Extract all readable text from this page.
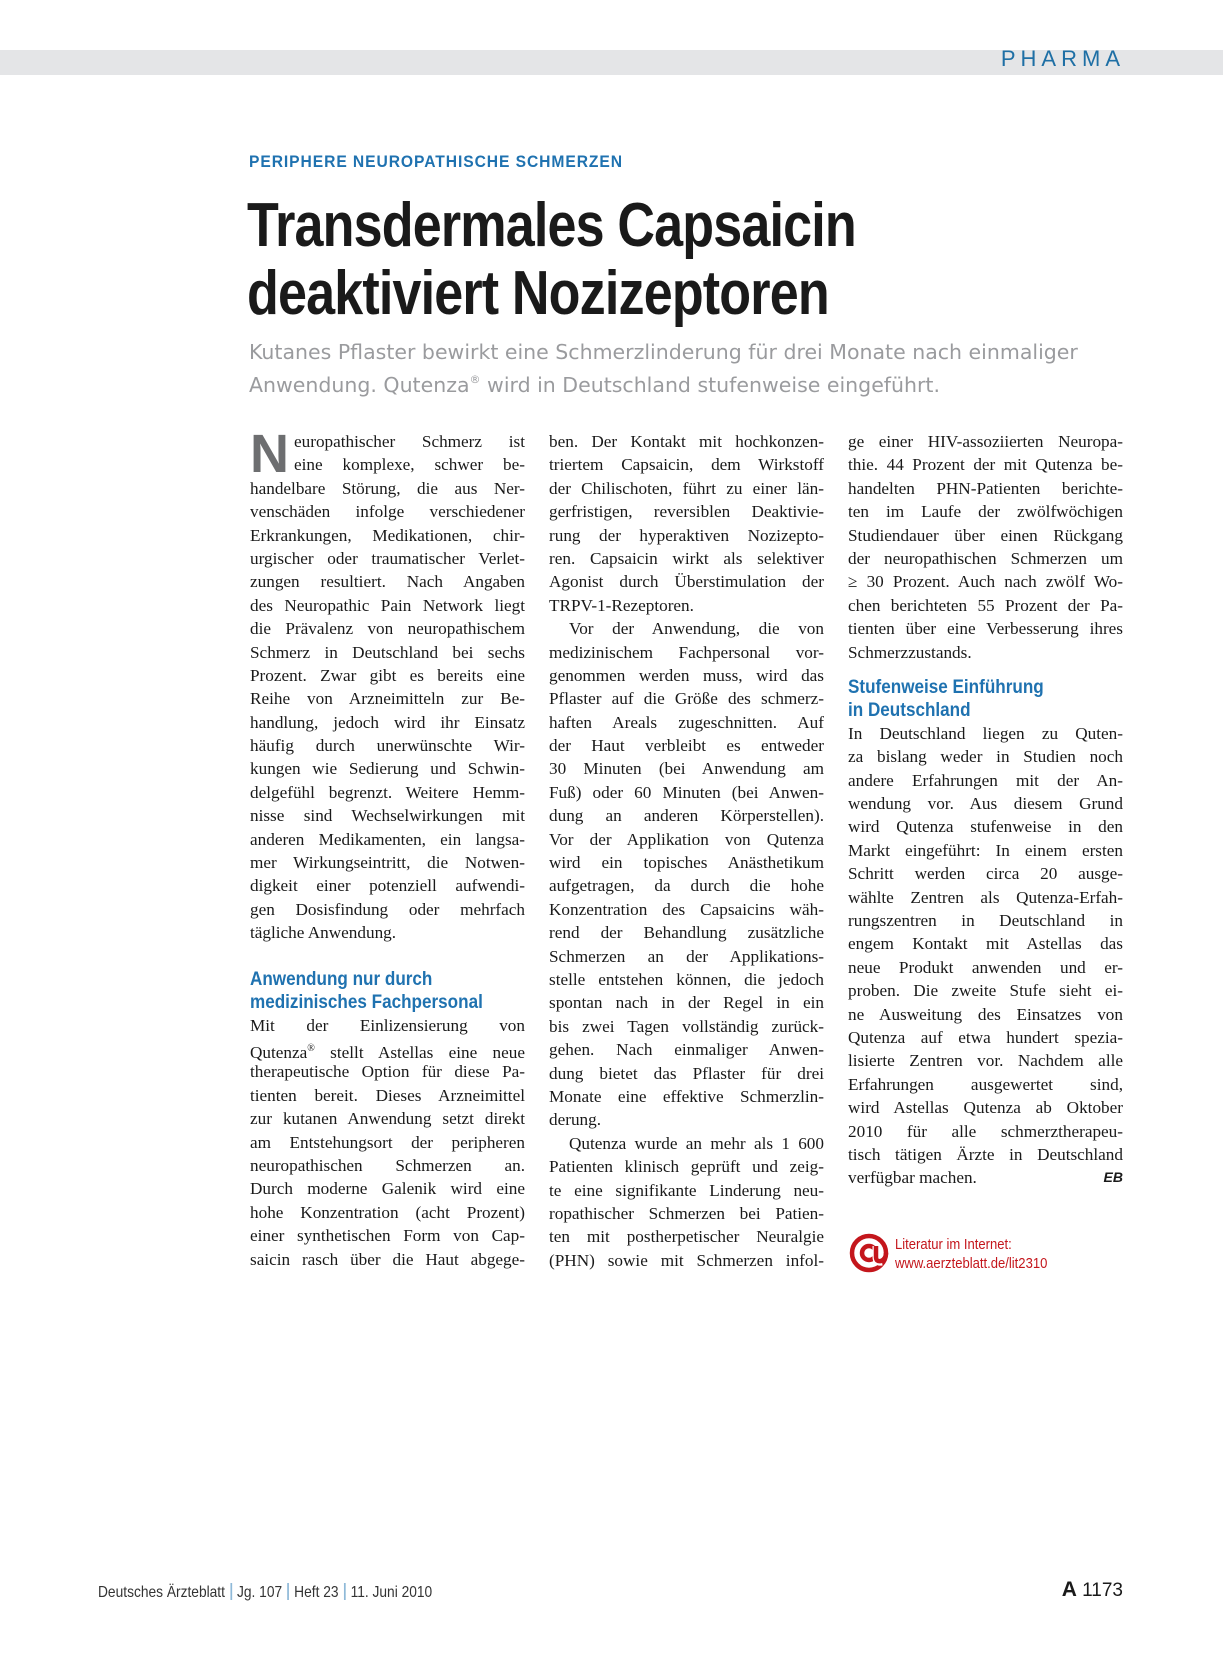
PHARMA
PERIPHERE NEUROPATHISCHE SCHMERZEN
Transdermales Capsaicin
deaktiviert Nozizeptoren
Kutanes Pflaster bewirkt eine Schmerzlinderung für drei Monate nach einmaliger
Anwendung. Qutenza® wird in Deutschland stufenweise eingeführt.
N europathischer Schmerz ist
eine komplexe, schwer be-
handelbare Störung, die aus Ner-
venschäden infolge verschiedener
Erkrankungen, Medikationen, chir-
urgischer oder traumatischer Verlet-
zungen resultiert. Nach Angaben
des Neuropathic Pain Network liegt
die Prävalenz von neuropathischem
Schmerz in Deutschland bei sechs
Prozent. Zwar gibt es bereits eine
Reihe von Arzneimitteln zur Be-
handlung, jedoch wird ihr Einsatz
häufig durch unerwünschte Wir-
kungen wie Sedierung und Schwin-
delgefühl begrenzt. Weitere Hemm-
nisse sind Wechselwirkungen mit
anderen Medikamenten, ein langsa-
mer Wirkungseintritt, die Notwen-
digkeit einer potenziell aufwendi-
gen Dosisfindung oder mehrfach
tägliche Anwendung.
Anwendung nur durch
medizinisches Fachpersonal
Mit der Einlizensierung von
Qutenza® stellt Astellas eine neue
therapeutische Option für diese Pa-
tienten bereit. Dieses Arzneimittel
zur kutanen Anwendung setzt direkt
am Entstehungsort der peripheren
neuropathischen Schmerzen an.
Durch moderne Galenik wird eine
hohe Konzentration (acht Prozent)
einer synthetischen Form von Cap-
saicin rasch über die Haut abgege-
ben. Der Kontakt mit hochkonzen-
triertem Capsaicin, dem Wirkstoff
der Chilischoten, führt zu einer län-
gerfristigen, reversiblen Deaktivie-
rung der hyperaktiven Nozizepto-
ren. Capsaicin wirkt als selektiver
Agonist durch Überstimulation der
TRPV-1-Rezeptoren.
Vor der Anwendung, die von
medizinischem Fachpersonal vor-
genommen werden muss, wird das
Pflaster auf die Größe des schmerz-
haften Areals zugeschnitten. Auf
der Haut verbleibt es entweder
30 Minuten (bei Anwendung am
Fuß) oder 60 Minuten (bei Anwen-
dung an anderen Körperstellen).
Vor der Applikation von Qutenza
wird ein topisches Anästhetikum
aufgetragen, da durch die hohe
Konzentration des Capsaicins wäh-
rend der Behandlung zusätzliche
Schmerzen an der Applikations-
stelle entstehen können, die jedoch
spontan nach in der Regel in ein
bis zwei Tagen vollständig zurück-
gehen. Nach einmaliger Anwen-
dung bietet das Pflaster für drei
Monate eine effektive Schmerzlin-
derung.
Qutenza wurde an mehr als 1 600
Patienten klinisch geprüft und zeig-
te eine signifikante Linderung neu-
ropathischer Schmerzen bei Patien-
ten mit postherpetischer Neuralgie
(PHN) sowie mit Schmerzen infol-
ge einer HIV-assoziierten Neuropa-
thie. 44 Prozent der mit Qutenza be-
handelten PHN-Patienten berichte-
ten im Laufe der zwölfwöchigen
Studiendauer über einen Rückgang
der neuropathischen Schmerzen um
≥ 30 Prozent. Auch nach zwölf Wo-
chen berichteten 55 Prozent der Pa-
tienten über eine Verbesserung ihres
Schmerzzustands.
Stufenweise Einführung
in Deutschland
In Deutschland liegen zu Quten-
za bislang weder in Studien noch
andere Erfahrungen mit der An-
wendung vor. Aus diesem Grund
wird Qutenza stufenweise in den
Markt eingeführt: In einem ersten
Schritt werden circa 20 ausge-
wählte Zentren als Qutenza-Erfah-
rungszentren in Deutschland in
engem Kontakt mit Astellas das
neue Produkt anwenden und er-
proben. Die zweite Stufe sieht ei-
ne Ausweitung des Einsatzes von
Qutenza auf etwa hundert spezia-
lisierte Zentren vor. Nachdem alle
Erfahrungen ausgewertet sind,
wird Astellas Qutenza ab Oktober
2010 für alle schmerztherapeu-
tisch tätigen Ärzte in Deutschland
verfügbar machen.	EB
Literatur im Internet:
www.aerzteblatt.de/lit2310
Deutsches Ärzteblatt Jg. 107 Heft 23 11. Juni 2010	A 1173
